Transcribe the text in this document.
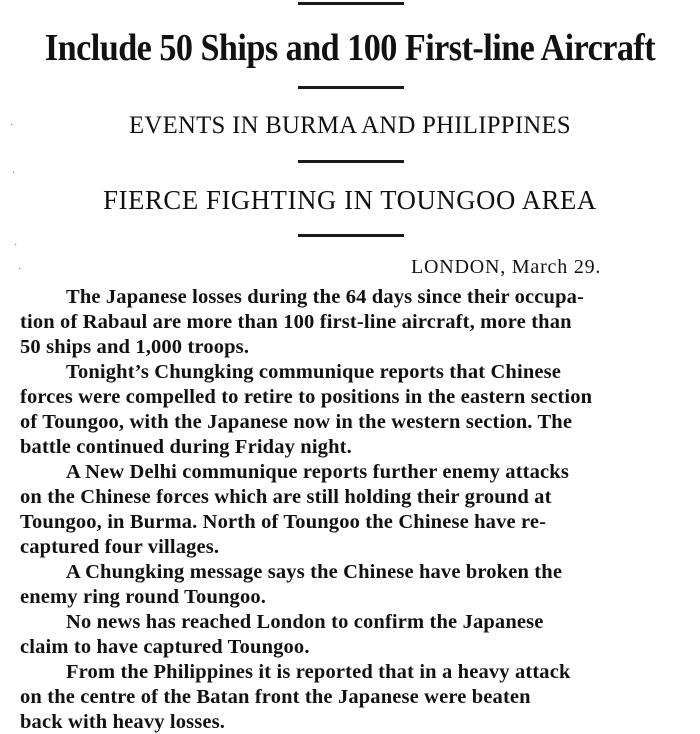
Include 50 Ships and 100 First-line Aircraft
EVENTS IN BURMA AND PHILIPPINES
FIERCE FIGHTING IN TOUNGOO AREA
LONDON, March 29.
The Japanese losses during the 64 days since their occupa-
tion of Rabaul are more than 100 first-line aircraft, more than
50 ships and 1,000 troops.
Tonight’s Chungking communique reports that Chinese
forces were compelled to retire to positions in the eastern section
of Toungoo, with the Japanese now in the western section. The
battle continued during Friday night.
A New Delhi communique reports further enemy attacks
on the Chinese forces which are still holding their ground at
Toungoo, in Burma. North of Toungoo the Chinese have re-
captured four villages.
A Chungking message says the Chinese have broken the
enemy ring round Toungoo.
No news has reached London to confirm the Japanese
claim to have captured Toungoo.
From the Philippines it is reported that in a heavy attack
on the centre of the Batan front the Japanese were beaten
back with heavy losses.
·
·
·
·
